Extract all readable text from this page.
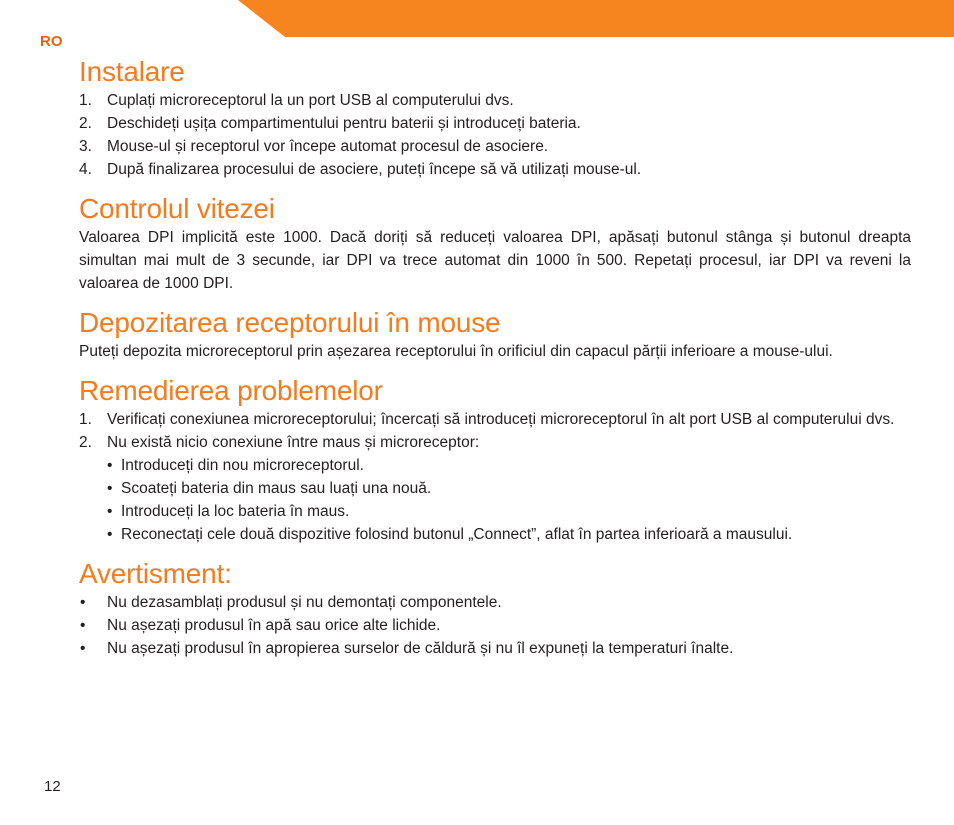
RO
Instalare
1. Cuplați microreceptorul la un port USB al computerului dvs.
2. Deschideți ușița compartimentului pentru baterii și introduceți bateria.
3. Mouse-ul și receptorul vor începe automat procesul de asociere.
4. După finalizarea procesului de asociere, puteți începe să vă utilizați mouse-ul.
Controlul vitezei

Valoarea DPI implicită este 1000. Dacă doriți să reduceți valoarea DPI, apăsați butonul stânga și butonul dreapta simultan mai mult de 3 secunde, iar DPI va trece automat din 1000 în 500. Repetați procesul, iar DPI va reveni la valoarea de 1000 DPI.

Depozitarea receptorului în mouse

Puteți depozita microreceptorul prin așezarea receptorului în orificiul din capacul părții inferioare a mouse-ului.

Remedierea problemelor
1. Verificați conexiunea microreceptorului; încercați să introduceți microreceptorul în alt port USB al computerului dvs.
2. Nu există nicio conexiune între maus și microreceptor:
• Introduceți din nou microreceptorul.
• Scoateți bateria din maus sau luați una nouă.
• Introduceți la loc bateria în maus.
• Reconectați cele două dispozitive folosind butonul „Connect”, aflat în partea inferioară a mausului.
Avertisment:
• Nu dezasamblați produsul și nu demontați componentele.
• Nu așezați produsul în apă sau orice alte lichide.
• Nu așezați produsul în apropierea surselor de căldură și nu îl expuneți la temperaturi înalte.
12
